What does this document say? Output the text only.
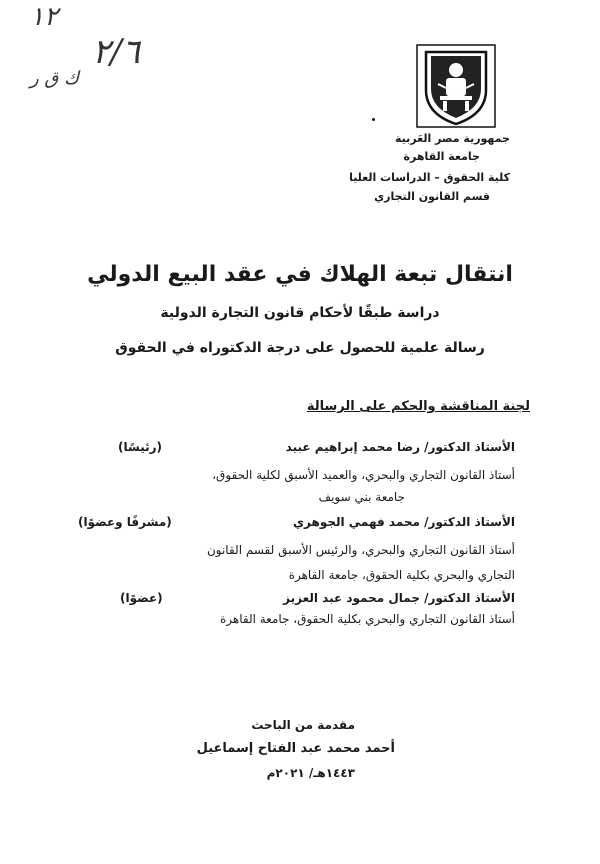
١٢
٢/٦
ك ق ر
جمهورية مصر العَربية
جامعة القاهرة
كلية الحقوق – الدراسات العليا
قسم القانون التجاري
انتقال تبعة الهلاك في عقد البيع الدولي
دراسة طبقًا لأحكام قانون التجارة الدولية
رسالة علمية للحصول على درجة الدكتوراه في الحقوق
لجنة المناقشة والحكم على الرسالة
الأستاذ الدكتور/ رضا محمد إبراهيم عبيد
(رئيسًا)
أستاذ القانون التجاري والبحري، والعميد الأسبق لكلية الحقوق،
جامعة بني سويف
الأستاذ الدكتور/ محمد فهمي الجوهري
(مشرفًا وعضوًا)
أستاذ القانون التجاري والبحري، والرئيس الأسبق لقسم القانون
التجاري والبحري بكلية الحقوق، جامعة القاهرة
الأستاذ الدكتور/ جمال محمود عبد العزيز
(عضوًا)
أستاذ القانون التجاري والبحري بكلية الحقوق، جامعة القاهرة
مقدمة من الباحث
أحمد محمد عبد الفتاح إسماعيل
١٤٤٣هـ/ ٢٠٢١م
